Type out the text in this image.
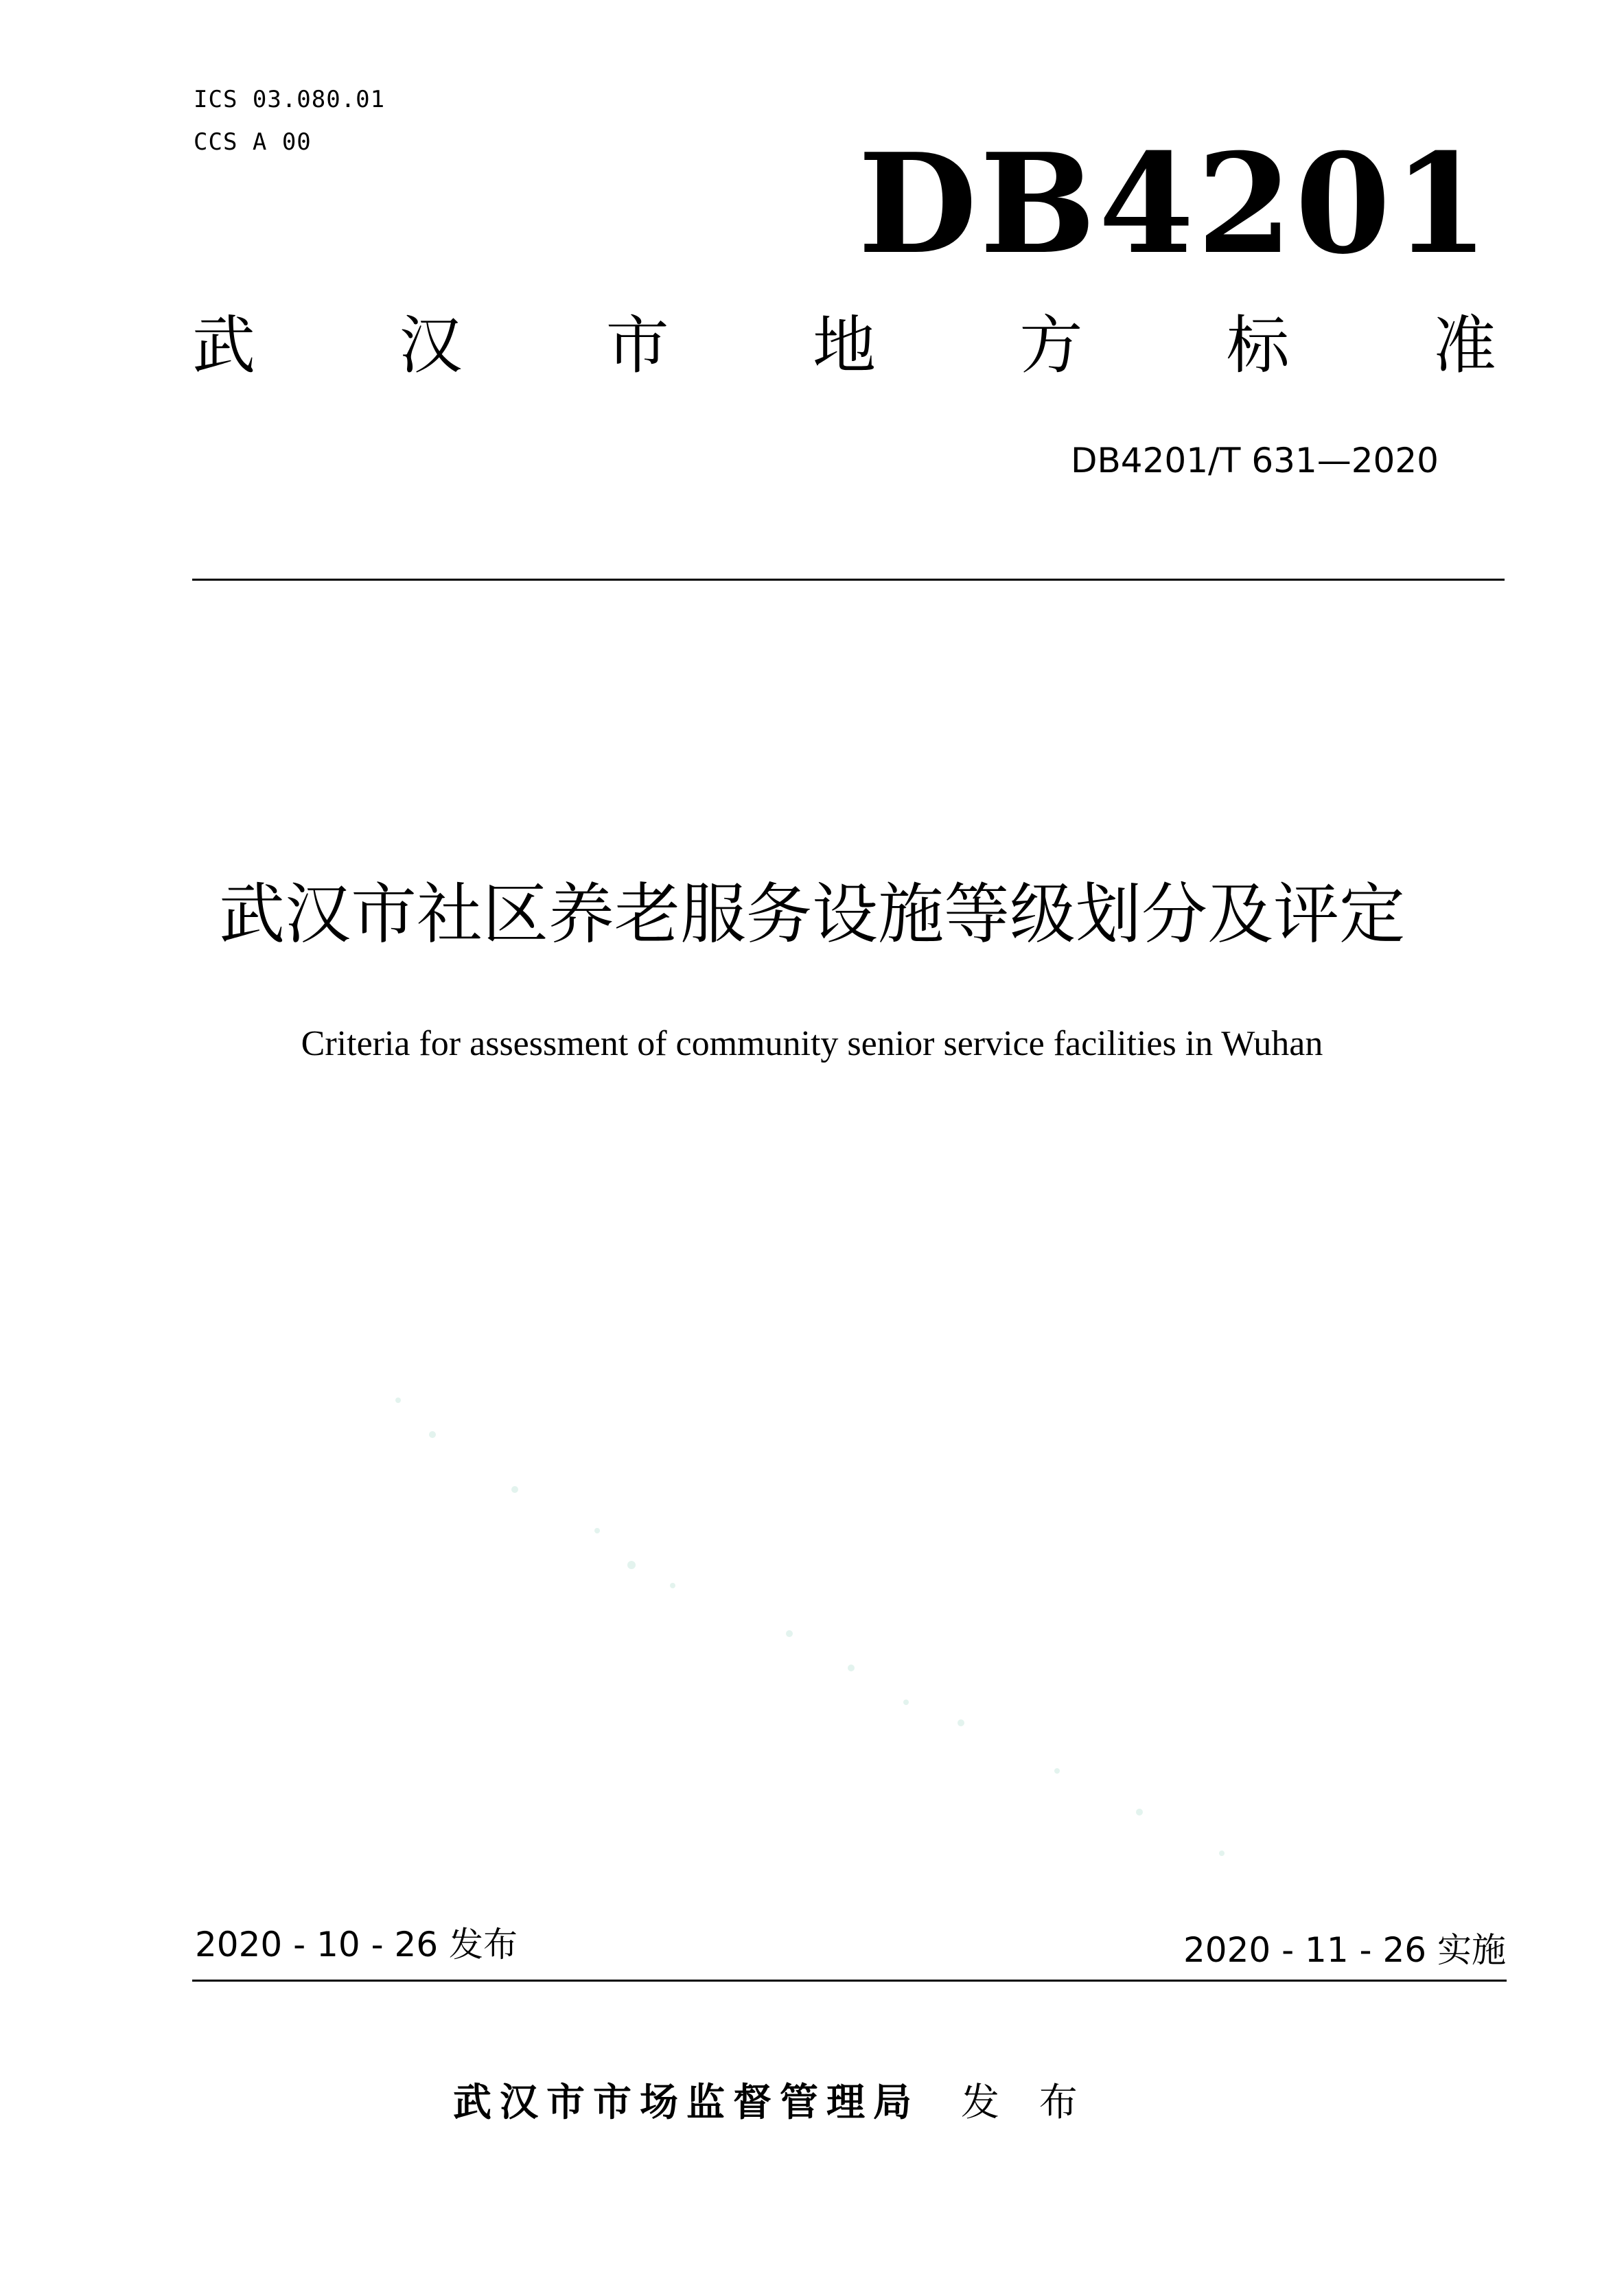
ICS 03.080.01
CCS A 00	DB4201
武 汉 市 地 方 标 准
DB4201/T 631—2020
武汉市社区养老服务设施等级划分及评定
Criteria for assessment of community senior service facilities in Wuhan
2020 - 10 - 26 发布	2020 - 11 - 26 实施
武汉市市场监督管理局 发 布
